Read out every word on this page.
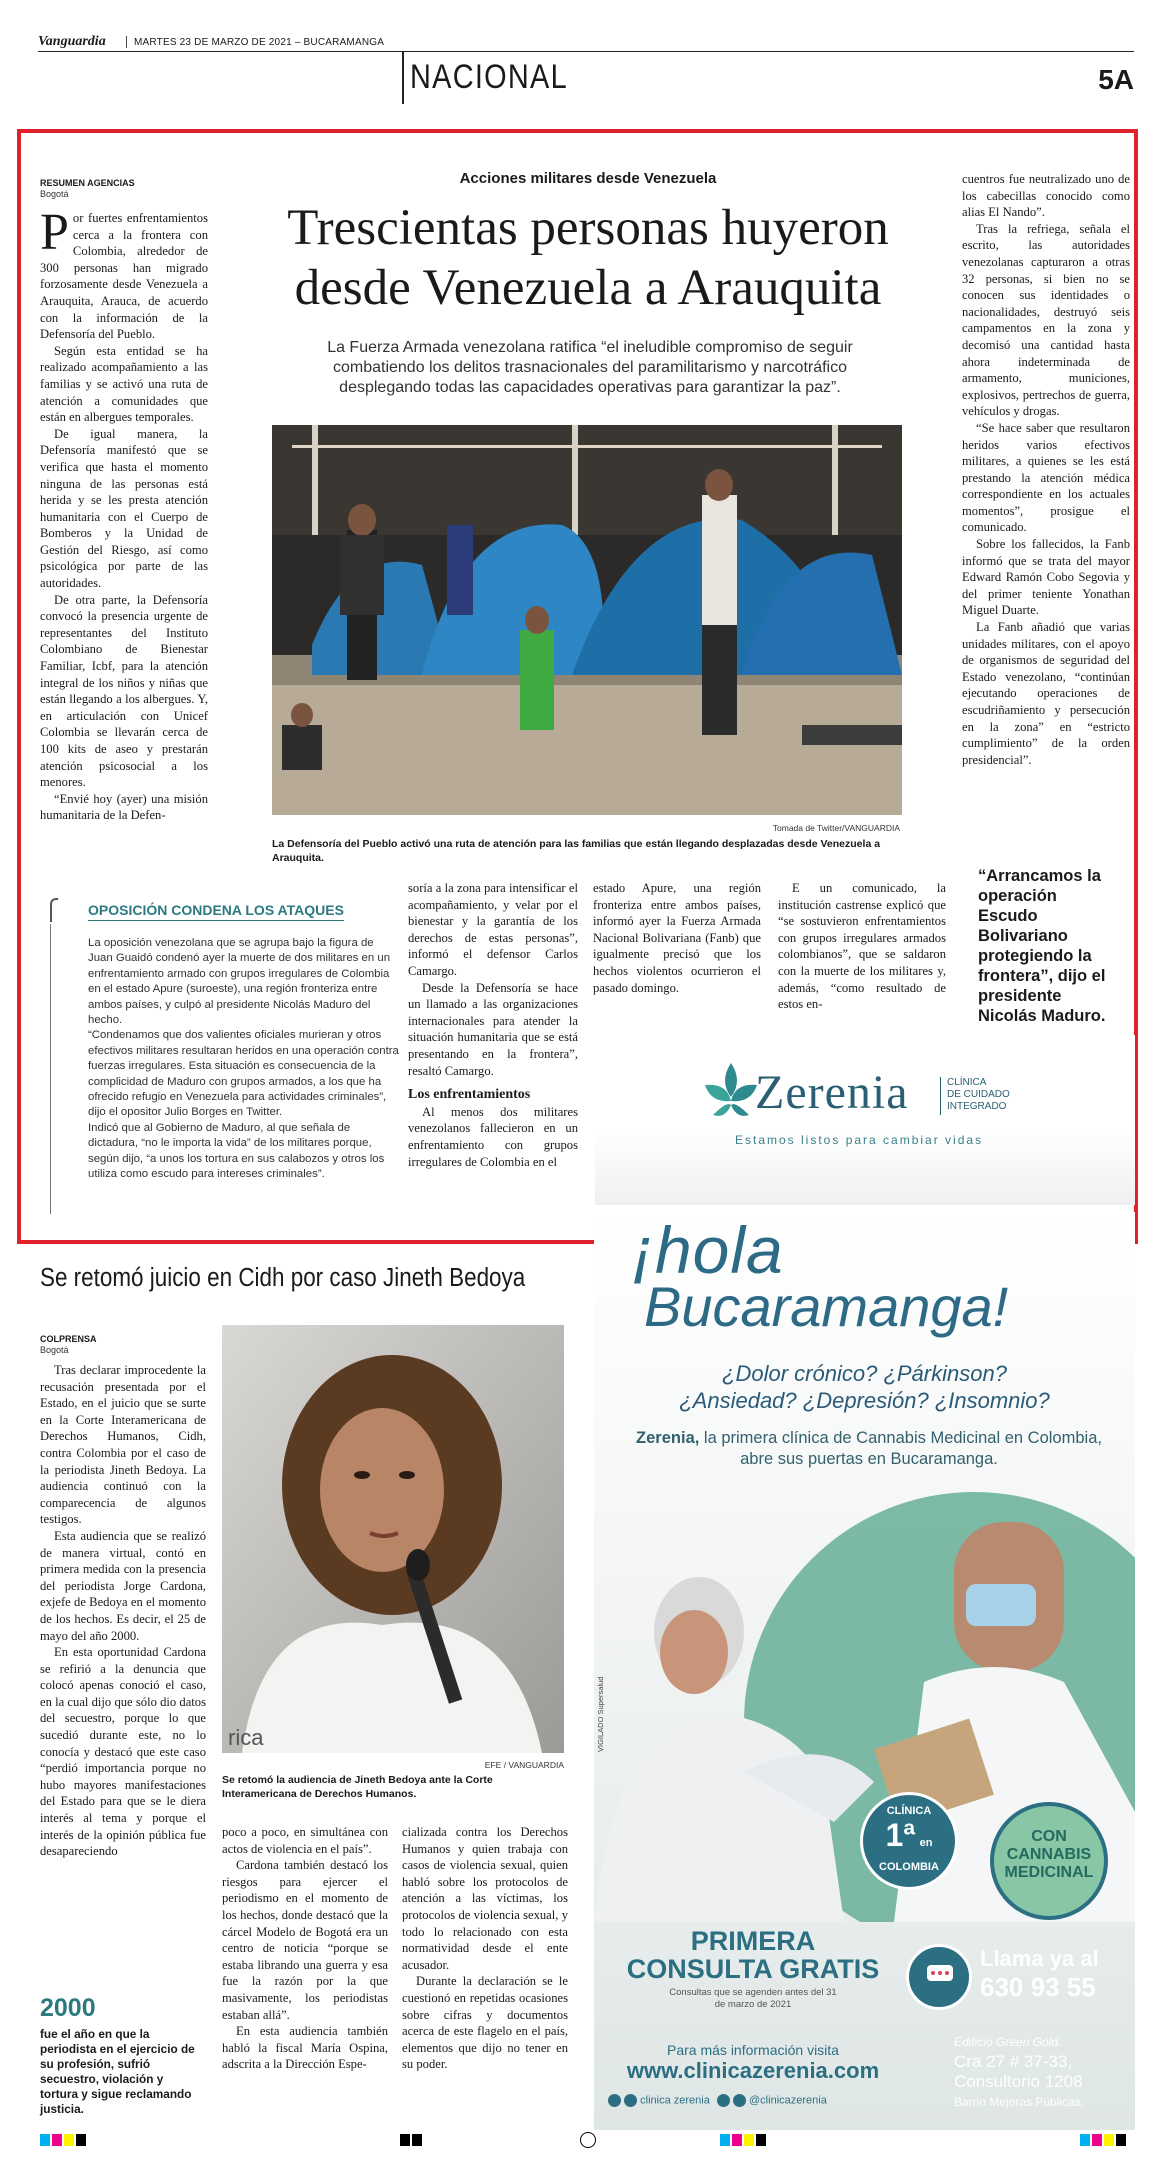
Vanguardia	MARTES 23 DE MARZO DE 2021 – BUCARAMANGA
NACIONAL	5A
RESUMEN AGENCIAS
Bogotá
P or fuertes enfrentamientos cerca a la frontera con Colombia, alrededor de 300 personas han migrado forzosamente desde Venezuela a Arauquita, Arauca, de acuerdo con la información de la Defensoría del Pueblo.

Según esta entidad se ha realizado acompañamiento a las familias y se activó una ruta de atención a comunidades que están en albergues temporales.

De igual manera, la Defensoría manifestó que se verifica que hasta el momento ninguna de las personas está herida y se les presta atención humanitaria con el Cuerpo de Bomberos y la Unidad de Gestión del Riesgo, así como psicológica por parte de las autoridades.

De otra parte, la Defensoría convocó la presencia urgente de representantes del Instituto Colombiano de Bienestar Familiar, Icbf, para la atención integral de los niños y niñas que están llegando a los albergues. Y, en articulación con Unicef Colombia se llevarán cerca de 100 kits de aseo y prestarán atención psicosocial a los menores.

“Envié hoy (ayer) una misión humanitaria de la Defen-

Acciones militares desde Venezuela
Trescientas personas huyeron
desde Venezuela a Arauquita
La Fuerza Armada venezolana ratifica “el ineludible compromiso de seguir combatiendo los delitos trasnacionales del paramilitarismo y narcotráfico desplegando todas las capacidades operativas para garantizar la paz”.
Tomada de Twitter/VANGUARDIA
La Defensoría del Pueblo activó una ruta de atención para las familias que están llegando desplazadas desde Venezuela a Arauquita.

cuentros fue neutralizado uno de los cabecillas conocido como alias El Nando”.

Tras la refriega, señala el escrito, las autoridades venezolanas capturaron a otras 32 personas, si bien no se conocen sus identidades o nacionalidades, destruyó seis campamentos en la zona y decomisó una cantidad hasta ahora indeterminada de armamento, municiones, explosivos, pertrechos de guerra, vehículos y drogas.

“Se hace saber que resultaron heridos varios efectivos militares, a quienes se les está prestando la atención médica correspondiente en los actuales momentos”, prosigue el comunicado.

Sobre los fallecidos, la Fanb informó que se trata del mayor Edward Ramón Cobo Segovia y del primer teniente Yonathan Miguel Duarte.

La Fanb añadió que varias unidades militares, con el apoyo de organismos de seguridad del Estado venezolano, “continúan ejecutando operaciones de escudriñamiento y persecución en la zona” en “estricto cumplimiento” de la orden presidencial”.

“Arrancamos la operación Escudo Bolivariano protegiendo la frontera”, dijo el presidente Nicolás Maduro.
OPOSICIÓN CONDENA LOS ATAQUES

La oposición venezolana que se agrupa bajo la figura de Juan Guaidó condenó ayer la muerte de dos militares en un enfrentamiento armado con grupos irregulares de Colombia en el estado Apure (suroeste), una región fronteriza entre ambos países, y culpó al presidente Nicolás Maduro del hecho.

“Condenamos que dos valientes oficiales murieran y otros efectivos militares resultaran heridos en una operación contra fuerzas irregulares. Esta situación es consecuencia de la complicidad de Maduro con grupos armados, a los que ha ofrecido refugio en Venezuela para actividades criminales”, dijo el opositor Julio Borges en Twitter.

Indicó que al Gobierno de Maduro, al que señala de dictadura, “no le importa la vida” de los militares porque, según dijo, “a unos los tortura en sus calabozos y otros los utiliza como escudo para intereses criminales”.

soría a la zona para intensificar el acompañamiento, y velar por el bienestar y la garantía de los derechos de estas personas”, informó el defensor Carlos Camargo.

Desde la Defensoría se hace un llamado a las organizaciones internacionales para atender la situación humanitaria que se está presentando en la frontera”, resaltó Camargo.

Los enfrentamientos

Al menos dos militares venezolanos fallecieron en un enfrentamiento con grupos irregulares de Colombia en el

estado Apure, una región fronteriza entre ambos países, informó ayer la Fuerza Armada Nacional Bolivariana (Fanb) que igualmente precisó que los hechos violentos ocurrieron el pasado domingo.

E un comunicado, la institución castrense explicó que “se sostuvieron enfrentamientos con grupos irregulares armados colombianos”, que se saldaron con la muerte de los militares y, además, “como resultado de estos en-

Zerenia	CLÍNICA
DE CUIDADO
INTEGRADO
Estamos listos para cambiar vidas
Se retomó juicio en Cidh por caso Jineth Bedoya
COLPRENSA
Bogotá

Tras declarar improcedente la recusación presentada por el Estado, en el juicio que se surte en la Corte Interamericana de Derechos Humanos, Cidh, contra Colombia por el caso de la periodista Jineth Bedoya. La audiencia continuó con la comparecencia de algunos testigos.

Esta audiencia que se realizó de manera virtual, contó en primera medida con la presencia del periodista Jorge Cardona, exjefe de Bedoya en el momento de los hechos. Es decir, el 25 de mayo del año 2000.

En esta oportunidad Cardona se refirió a la denuncia que colocó apenas conoció el caso, en la cual dijo que sólo dio datos del secuestro, porque lo que sucedió durante este, no lo conocía y destacó que este caso “perdió importancia porque no hubo mayores manifestaciones del Estado para que se le diera interés al tema y porque el interés de la opinión pública fue desapareciendo

rica
EFE / VANGUARDIA
Se retomó la audiencia de Jineth Bedoya ante la Corte Interamericana de Derechos Humanos.

poco a poco, en simultánea con actos de violencia en el país”.

Cardona también destacó los riesgos para ejercer el periodismo en el momento de los hechos, donde destacó que la cárcel Modelo de Bogotá era un centro de noticia “porque se estaba librando una guerra y esa fue la razón por la que masivamente, los periodistas estaban allá”.

En esta audiencia también habló la fiscal María Ospina, adscrita a la Dirección Espe-

cializada contra los Derechos Humanos y quien trabaja con casos de violencia sexual, quien habló sobre los protocolos de atención a las víctimas, los protocolos de violencia sexual, y todo lo relacionado con esta normatividad desde el ente acusador.

Durante la declaración se le cuestionó en repetidas ocasiones sobre cifras y documentos acerca de este flagelo en el país, elementos que dijo no tener en su poder.

2000
fue el año en que la periodista en el ejercicio de su profesión, sufrió secuestro, violación y tortura y sigue reclamando justicia.
¡hola
Bucaramanga!
¿Dolor crónico? ¿Párkinson?
¿Ansiedad? ¿Depresión? ¿Insomnio?
Zerenia, la primera clínica de Cannabis Medicinal en Colombia, abre sus puertas en Bucaramanga.
VIGILADO Supersalud
CLÍNICA
1ª en
COLOMBIA
CON
CANNABIS
MEDICINAL
PRIMERA
CONSULTA GRATIS
Consultas que se agenden antes del 31 de marzo de 2021
Llama ya al
630 93 55
Para más información visita
www.clinicazerenia.com
clinica zerenia	@clinicazerenia
Edificio Green Gold.
Cra 27 # 37-33,
Consultorio 1208
Barrio Mejoras Públicas.
